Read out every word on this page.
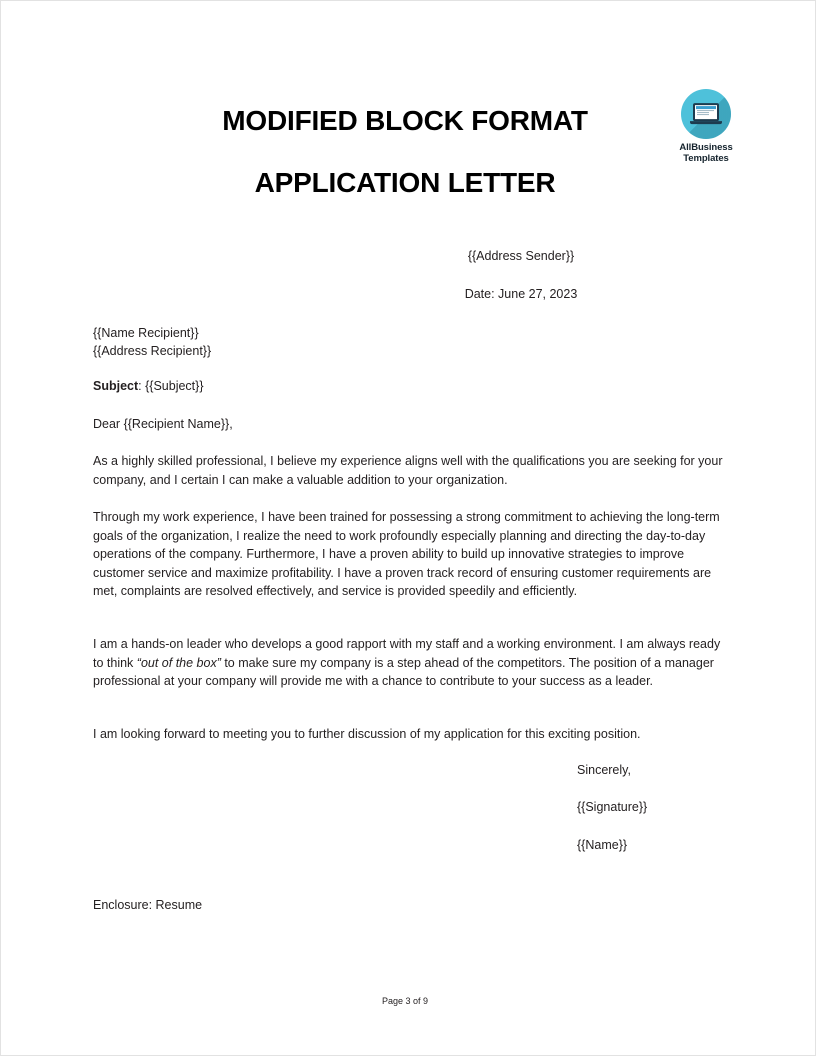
AllBusiness
Templates
MODIFIED BLOCK FORMAT
APPLICATION LETTER
{{Address Sender}}
Date: June 27, 2023
{{Name Recipient}}
{{Address Recipient}}
Subject: {{Subject}}
Dear {{Recipient Name}},
As a highly skilled professional, I believe my experience aligns well with the qualifications you are seeking for your company, and I certain I can make a valuable addition to your organization.
Through my work experience, I have been trained for possessing a strong commitment to achieving the long-term goals of the organization, I realize the need to work profoundly especially planning and directing the day-to-day operations of the company. Furthermore, I have a proven ability to build up innovative strategies to improve customer service and maximize profitability. I have a proven track record of ensuring customer requirements are met, complaints are resolved effectively, and service is provided speedily and efficiently.
I am a hands-on leader who develops a good rapport with my staff and a working environment. I am always ready to think “out of the box” to make sure my company is a step ahead of the competitors. The position of a manager professional at your company will provide me with a chance to contribute to your success as a leader.
I am looking forward to meeting you to further discussion of my application for this exciting position.
Sincerely,
{{Signature}}
{{Name}}
Enclosure: Resume
Page 3 of 9
